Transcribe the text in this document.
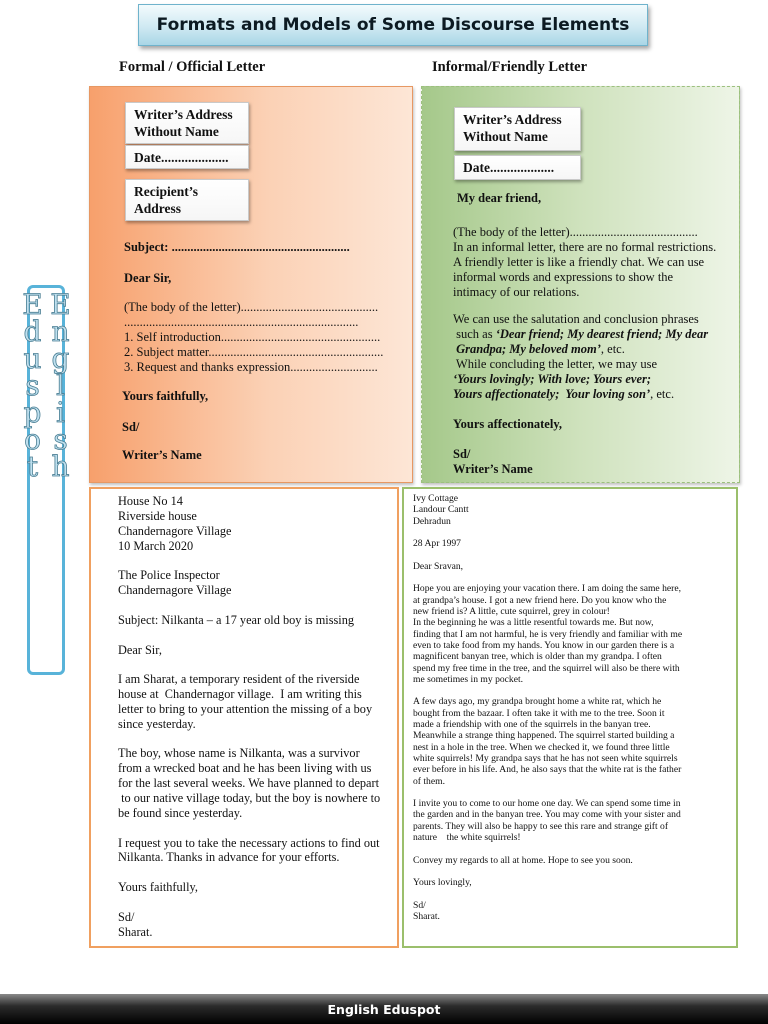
Formats and Models of Some Discourse Elements
Formal / Official Letter	Informal/Friendly Letter
English Eduspot
Writer’s Address
Without Name
Date....................
Recipient’s
Address
Subject: .........................................................
Dear Sir,
(The body of the letter)............................................
...........................................................................
1. Self introduction...................................................
2. Subject matter........................................................
3. Request and thanks expression............................
Yours faithfully,
Sd/
Writer’s Name
Writer’s Address
Without Name
Date...................
My dear friend,
(The body of the letter).........................................
In an informal letter, there are no formal restrictions.
A friendly letter is like a friendly chat. We can use
informal words and expressions to show the
intimacy of our relations.
We can use the salutation and conclusion phrases
such as ‘Dear friend; My dearest friend; My dear
Grandpa; My beloved mom’, etc.
While concluding the letter, we may use
‘Yours lovingly; With love; Yours ever;
Yours affectionately;  Your loving son’, etc.
Yours affectionately,
Sd/
Writer’s Name
House No 14
Riverside house
Chandernagore Village
10 March 2020
The Police Inspector
Chandernagore Village
Subject: Nilkanta – a 17 year old boy is missing
Dear Sir,
I am Sharat, a temporary resident of the riverside
house at  Chandernagor village.  I am writing this
letter to bring to your attention the missing of a boy
since yesterday.
The boy, whose name is Nilkanta, was a survivor
from a wrecked boat and he has been living with us
for the last several weeks. We have planned to depart
to our native village today, but the boy is nowhere to
be found since yesterday.
I request you to take the necessary actions to find out
Nilkanta. Thanks in advance for your efforts.
Yours faithfully,
Sd/
Sharat.
Ivy Cottage
Landour Cantt
Dehradun
28 Apr 1997
Dear Sravan,
Hope you are enjoying your vacation there. I am doing the same here,
at grandpa’s house. I got a new friend here. Do you know who the
new friend is? A little, cute squirrel, grey in colour!
In the beginning he was a little resentful towards me. But now,
finding that I am not harmful, he is very friendly and familiar with me
even to take food from my hands. You know in our garden there is a
magnificent banyan tree, which is older than my grandpa. I often
spend my free time in the tree, and the squirrel will also be there with
me sometimes in my pocket.
A few days ago, my grandpa brought home a white rat, which he
bought from the bazaar. I often take it with me to the tree. Soon it
made a friendship with one of the squirrels in the banyan tree.
Meanwhile a strange thing happened. The squirrel started building a
nest in a hole in the tree. When we checked it, we found three little
white squirrels! My grandpa says that he has not seen white squirrels
ever before in his life. And, he also says that the white rat is the father
of them.
I invite you to come to our home one day. We can spend some time in
the garden and in the banyan tree. You may come with your sister and
parents. They will also be happy to see this rare and strange gift of
nature    the white squirrels!
Convey my regards to all at home. Hope to see you soon.
Yours lovingly,
Sd/
Sharat.
English Eduspot
